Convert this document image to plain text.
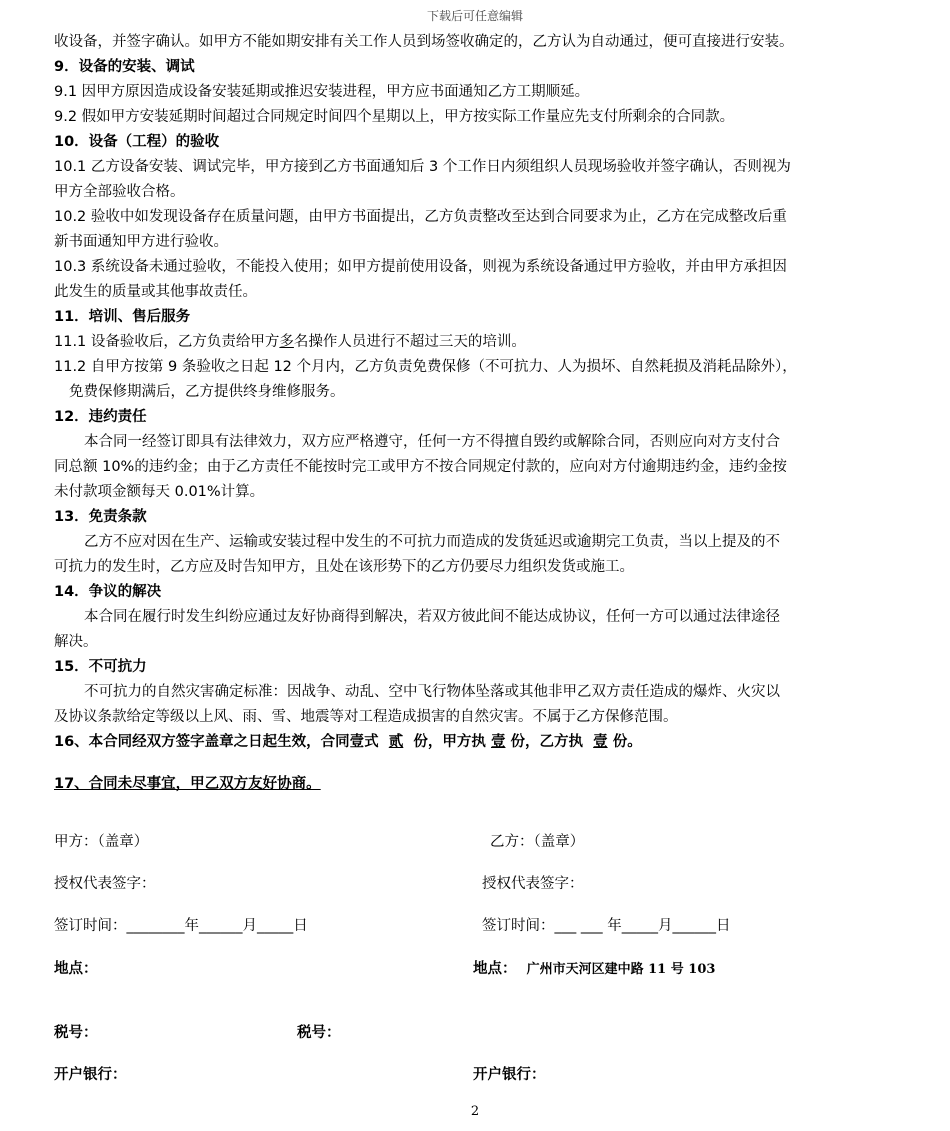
下载后可任意编辑

收设备，并签字确认。如甲方不能如期安排有关工作人员到场签收确定的，乙方认为自动通过，便可直接进行安装。

9．设备的安装、调试

9.1 因甲方原因造成设备安装延期或推迟安装进程，甲方应书面通知乙方工期顺延。

9.2 假如甲方安装延期时间超过合同规定时间四个星期以上，甲方按实际工作量应先支付所剩余的合同款。

10．设备（工程）的验收

10.1 乙方设备安装、调试完毕，甲方接到乙方书面通知后 3 个工作日内须组织人员现场验收并签字确认，否则视为

甲方全部验收合格。

10.2 验收中如发现设备存在质量问题，由甲方书面提出，乙方负责整改至达到合同要求为止，乙方在完成整改后重

新书面通知甲方进行验收。

10.3 系统设备未通过验收，不能投入使用；如甲方提前使用设备，则视为系统设备通过甲方验收，并由甲方承担因

此发生的质量或其他事故责任。

11．培训、售后服务

11.1 设备验收后，乙方负责给甲方多名操作人员进行不超过三天的培训。

11.2 自甲方按第 9 条验收之日起 12 个月内，乙方负责免费保修（不可抗力、人为损坏、自然耗损及消耗品除外），

免费保修期满后，乙方提供终身维修服务。

12．违约责任

本合同一经签订即具有法律效力，双方应严格遵守，任何一方不得擅自毁约或解除合同，否则应向对方支付合

同总额 10%的违约金；由于乙方责任不能按时完工或甲方不按合同规定付款的，应向对方付逾期违约金，违约金按

未付款项金额每天 0.01%计算。

13．免责条款

乙方不应对因在生产、运输或安装过程中发生的不可抗力而造成的发货延迟或逾期完工负责，当以上提及的不

可抗力的发生时，乙方应及时告知甲方，且处在该形势下的乙方仍要尽力组织发货或施工。

14．争议的解决

本合同在履行时发生纠纷应通过友好协商得到解决，若双方彼此间不能达成协议，任何一方可以通过法律途径

解决。

15．不可抗力

不可抗力的自然灾害确定标准：因战争、动乱、空中飞行物体坠落或其他非甲乙双方责任造成的爆炸、火灾以

及协议条款给定等级以上风、雨、雪、地震等对工程造成损害的自然灾害。不属于乙方保修范围。

16、本合同经双方签字盖章之日起生效，合同壹式 贰 份，甲方执 壹 份，乙方执 壹 份。

17、合同未尽事宜，甲乙双方友好协商。
甲方：（盖章）	乙方：（盖章）
授权代表签字：	授权代表签字：
签订时间：________年______月_____日	签订时间：___ ___ 年_____月______日
地点：	地点： 广州市天河区建中路 11 号 103
税号：	税号：
开户银行：	开户银行：
2
